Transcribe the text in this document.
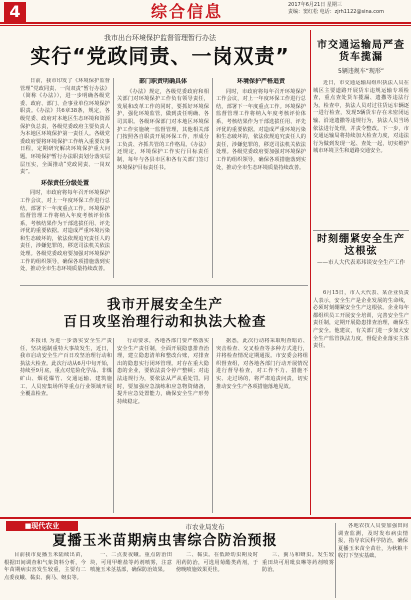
4	综合信息	2017年6月21日 星期三
责编：窦红松 电话：zjrh1122@sina.com
我市出台环境保护监督管理暂行办法
实行“党政同责、一岗双责”
日前，我市印发了《环境保护监督管理“党政同责、一岗双责”暂行办法》（简称《办法》），进一步明确各级党委、政府、部门、企事业单位环境保护职责。《办法》共6章38条，规定，各级党委、政府对本地区生态环境和资源保护负总责，各级党委政府主要负责人为本地区环境保护第一责任人。各级党委政府要将环境保护工作纳入重要议事日程，定期研究解决环境保护重大问题。环境保护暂行办法职责划分落实层层压实，全面推动“党政同责、一岗双责”。
环保责任分级处置
同时，市政府将每年召开环境保护工作会议，对上一年度环保工作进行总结，部署下一年度重点工作。环境保护监督管理工作将纳入年度考核评价体系，考核结果作为干部选拔任用、评先评优的重要依据。对造成严重环境污染和生态破坏的，依法依规追究责任人的责任，涉嫌犯罪的，移送司法机关依法处理。各级党委政府要加强对环境保护工作的组织领导，确保各项措施落到实处，推动全市生态环境质量持续改善。
部门职责明确具体
《办法》规定，各级党委政府和相关部门对环境保护工作负有领导责任，发展和改革工作的同时，要抓好环境保护，强化环境监管，做到责任明确、各司其职。各级环保部门对本地区环境保护工作实施统一监督管理，其他相关部门按照各自职责开展环保工作，形成分工负责、齐抓共管的工作格局。《办法》还规定，环境保护工作实行目标责任制，每年与各县市区和各有关部门签订环境保护目标责任书。
环境保护严格追责
同时，市政府将每年召开环境保护工作会议，对上一年度环保工作进行总结，部署下一年度重点工作。环境保护监督管理工作将纳入年度考核评价体系，考核结果作为干部选拔任用、评先评优的重要依据。对造成严重环境污染和生态破坏的，依法依规追究责任人的责任，涉嫌犯罪的，移送司法机关依法处理。各级党委政府要加强对环境保护工作的组织领导，确保各项措施落到实处，推动全市生态环境质量持续改善。
市交通运输局严查货车揽漏
5辆违规车“现形”
近日，市交通运输局组织执法人员在城区主要道路开展货车违规运输专项检查，重点查处货车揽漏、遗撒等违法行为。检查中，执法人员对过往货运车辆逐一进行检查，发现5辆货车存在未密闭运输、沿途遗撒等违规行为，执法人员当场依法进行处理，并责令整改。下一步，市交通运输局将持续加大检查力度，对违法行为做到发现一起、查处一起，切实维护城市环境卫生和道路交通安全。
时刻绷紧安全生产这根弦
——市人大代表邓玮谈安全生产工作
6月15日，市人大代表、某企业负责人表示，安全生产是企业发展的生命线，必须时刻绷紧安全生产这根弦。企业每年都组织员工开展安全培训，完善安全生产责任制，定期开展隐患排查治理，确保生产安全。他建议，有关部门进一步加大安全生产监管执法力度，督促企业落实主体责任。
我市开展安全生产
百日攻坚治理行动和执法大检查
本报讯 为进一步落实安全生产责任，坚决遏制重特大事故发生，近日，我市启动安全生产百日攻坚治理行动和执法大检查。此次行动从6月中旬开始，持续至9月底，重点对危险化学品、非煤矿山、烟花爆竹、交通运输、建筑施工、人员密集场所等重点行业领域开展全覆盖检查。
行动要求，各地各部门要严格落实安全生产责任制，全面开展隐患排查治理，建立隐患清单和整改台账，对排查出的隐患实行闭环管理。对存在重大隐患的企业，要依法责令停产整顿；对违法违规行为，要依法从严从重处罚。同时，要加强应急演练和应急物资储备，提升应急处置能力，确保安全生产形势持续稳定。
据悉，此次行动将采取明查暗访、突击检查、交叉检查等多种方式进行，并将检查情况定期通报。市安委会将组织督查组，对各地各部门行动开展情况进行督导检查，对工作不力、措施不实、走过场的，将严肃追责问责，切实推动安全生产各项措施落地见效。
■现代农业	市农业局发布
夏播玉米苗期病虫害综合防治预报
目前我市夏播玉米陆续出苗，根据田间调查和气象资料分析，今年苗期病虫害发生较重，主要有二点委夜蛾、黏虫、蓟马、蚜虫等。
一、二点委夜蛾。重点防治田块，可用甲维盐等药剂喷雾，注意喷施玉米茎基部，确保防治效果。
二、黏虫。在低龄幼虫期及时用药防治，可选用菊酯类药剂，于傍晚喷施效果更佳。
三、蓟马和蚜虫。发生较重田块可用吡虫啉等药剂喷雾防治。
各地农技人员要加强田间调查监测，及时发布病虫情报，指导农民科学防治，确保夏播玉米苗全苗壮，为秋粮丰收打下坚实基础。
